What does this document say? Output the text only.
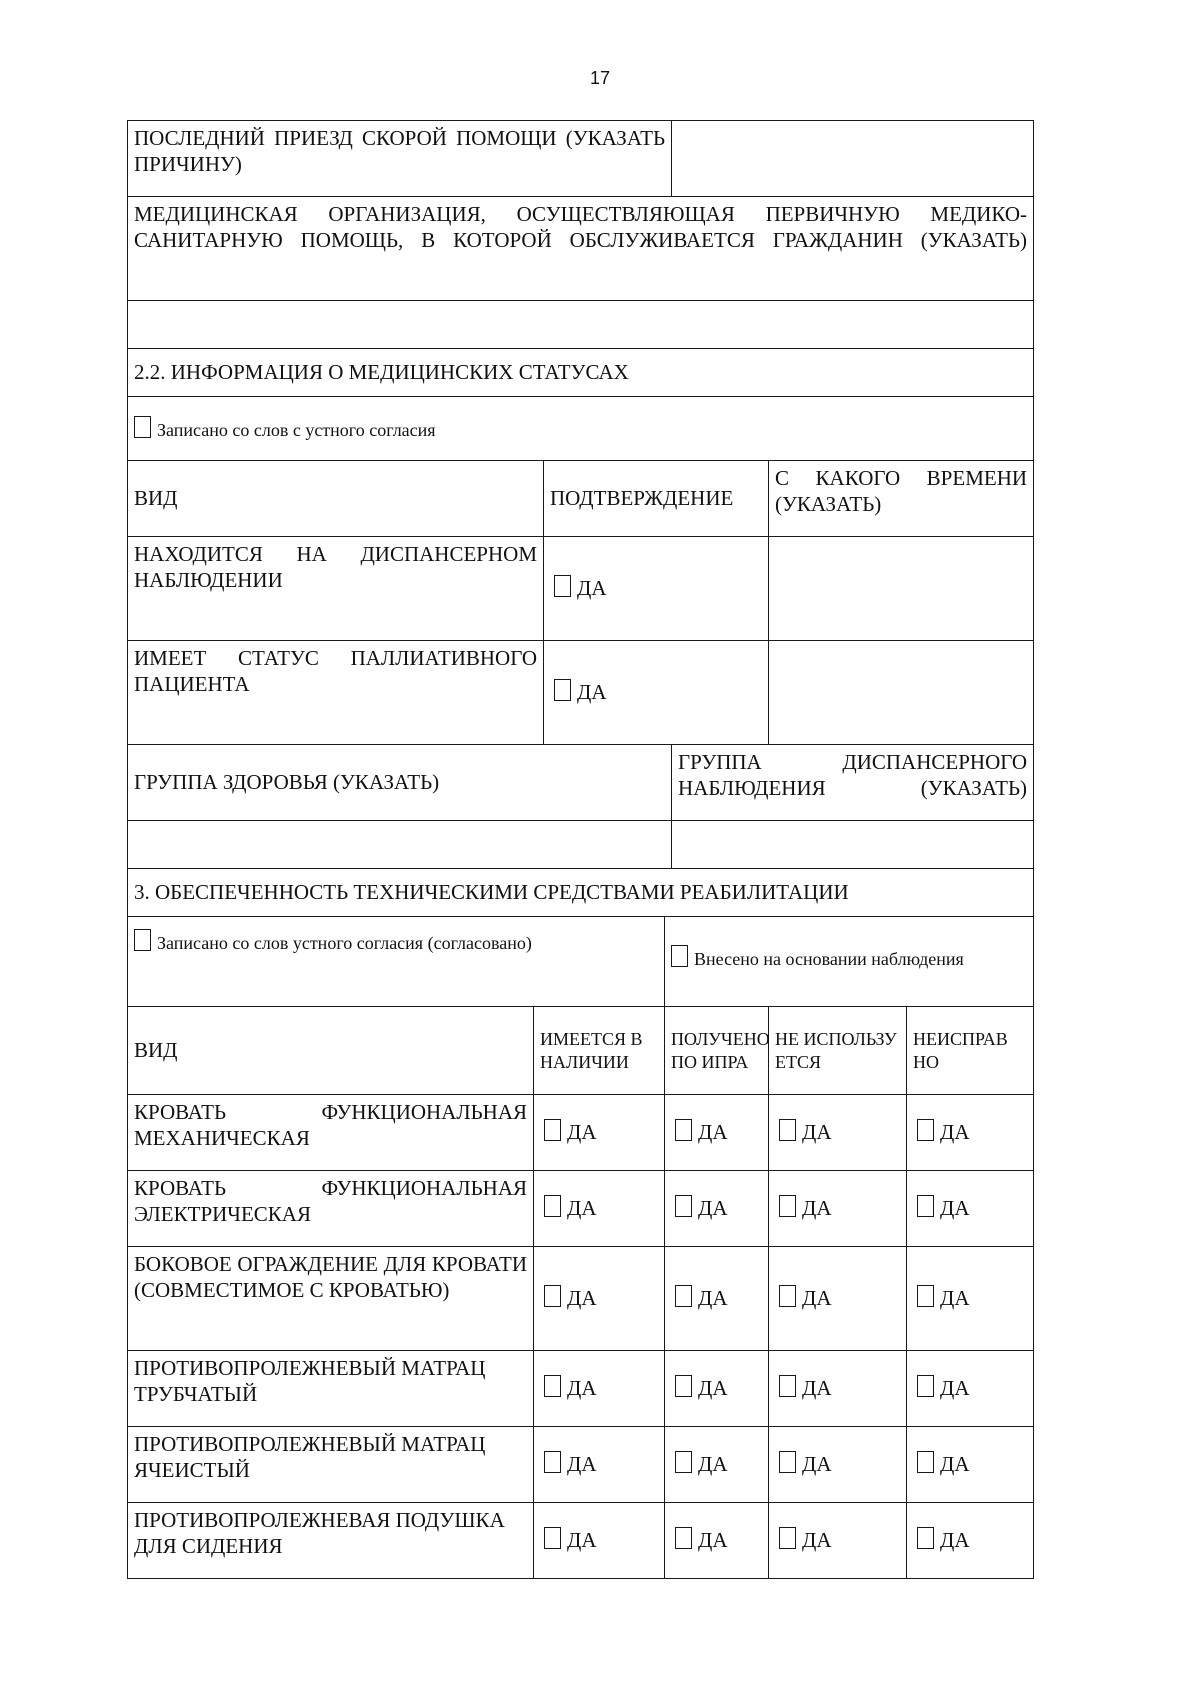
17
ПОСЛЕДНИЙ ПРИЕЗД СКОРОЙ ПОМОЩИ (УКАЗАТЬ ПРИЧИНУ)						
МЕДИЦИНСКАЯ ОРГАНИЗАЦИЯ, ОСУЩЕСТВЛЯЮЩАЯ ПЕРВИЧНУЮ МЕДИКО-САНИТАРНУЮ ПОМОЩЬ, В КОТОРОЙ ОБСЛУЖИВАЕТСЯ ГРАЖДАНИН (УКАЗАТЬ)						

2.2. ИНФОРМАЦИЯ О МЕДИЦИНСКИХ СТАТУСАХ						
Записано со слов с устного согласия						
ВИД		ПОДТВЕРЖДЕНИЕ			С КАКОГО ВРЕМЕНИ (УКАЗАТЬ)	
НАХОДИТСЯ НА ДИСПАНСЕРНОМ НАБЛЮДЕНИИ		ДА				
ИМЕЕТ СТАТУС ПАЛЛИАТИВНОГО ПАЦИЕНТА		ДА				
ГРУППА ЗДОРОВЬЯ (УКАЗАТЬ)				ГРУППА ДИСПАНСЕРНОГО НАБЛЮДЕНИЯ (УКАЗАТЬ)		

3. ОБЕСПЕЧЕННОСТЬ ТЕХНИЧЕСКИМИ СРЕДСТВАМИ РЕАБИЛИТАЦИИ						
Записано со слов устного согласия (согласовано)			Внесено на основании наблюдения			
ВИД	ИМЕЕТСЯ В НАЛИЧИИ		ПОЛУЧЕНО ПО ИПРА		НЕ ИСПОЛЬЗУ ЕТСЯ	НЕИСПРАВ НО
КРОВАТЬ ФУНКЦИОНАЛЬНАЯ МЕХАНИЧЕСКАЯ	ДА		ДА		ДА	ДА
КРОВАТЬ ФУНКЦИОНАЛЬНАЯ ЭЛЕКТРИЧЕСКАЯ	ДА		ДА		ДА	ДА
БОКОВОЕ ОГРАЖДЕНИЕ ДЛЯ КРОВАТИ (СОВМЕСТИМОЕ С КРОВАТЬЮ)	ДА		ДА		ДА	ДА
ПРОТИВОПРОЛЕЖНЕВЫЙ МАТРАЦ ТРУБЧАТЫЙ	ДА		ДА		ДА	ДА
ПРОТИВОПРОЛЕЖНЕВЫЙ МАТРАЦ ЯЧЕИСТЫЙ	ДА		ДА		ДА	ДА
ПРОТИВОПРОЛЕЖНЕВАЯ ПОДУШКА ДЛЯ СИДЕНИЯ	ДА		ДА		ДА	ДА
